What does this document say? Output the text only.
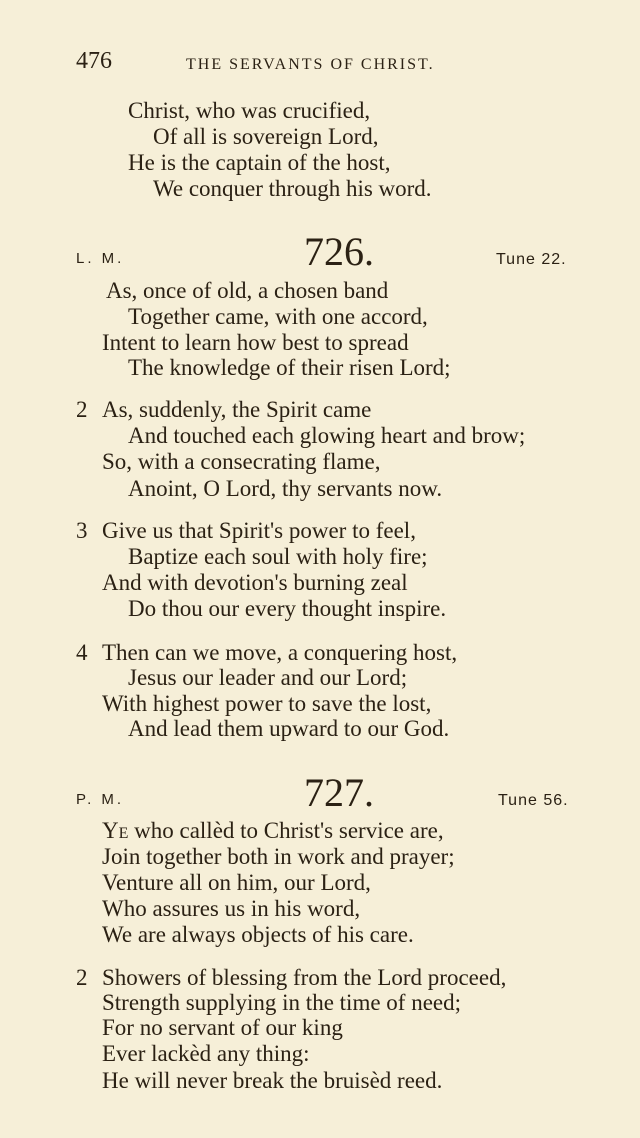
476	THE SERVANTS OF CHRIST.
Christ, who was crucified,
Of all is sovereign Lord,
He is the captain of the host,
We conquer through his word.
L. M.	726.	Tune 22.
As, once of old, a chosen band
Together came, with one accord,
Intent to learn how best to spread
The knowledge of their risen Lord;
2 As, suddenly, the Spirit came
And touched each glowing heart and brow;
So, with a consecrating flame,
Anoint, O Lord, thy servants now.
3 Give us that Spirit's power to feel,
Baptize each soul with holy fire;
And with devotion's burning zeal
Do thou our every thought inspire.
4 Then can we move, a conquering host,
Jesus our leader and our Lord;
With highest power to save the lost,
And lead them upward to our God.
P. M.	727.	Tune 56.
Ye who callèd to Christ's service are,
Join together both in work and prayer;
Venture all on him, our Lord,
Who assures us in his word,
We are always objects of his care.
2 Showers of blessing from the Lord proceed,
Strength supplying in the time of need;
For no servant of our king
Ever lackèd any thing:
He will never break the bruisèd reed.
